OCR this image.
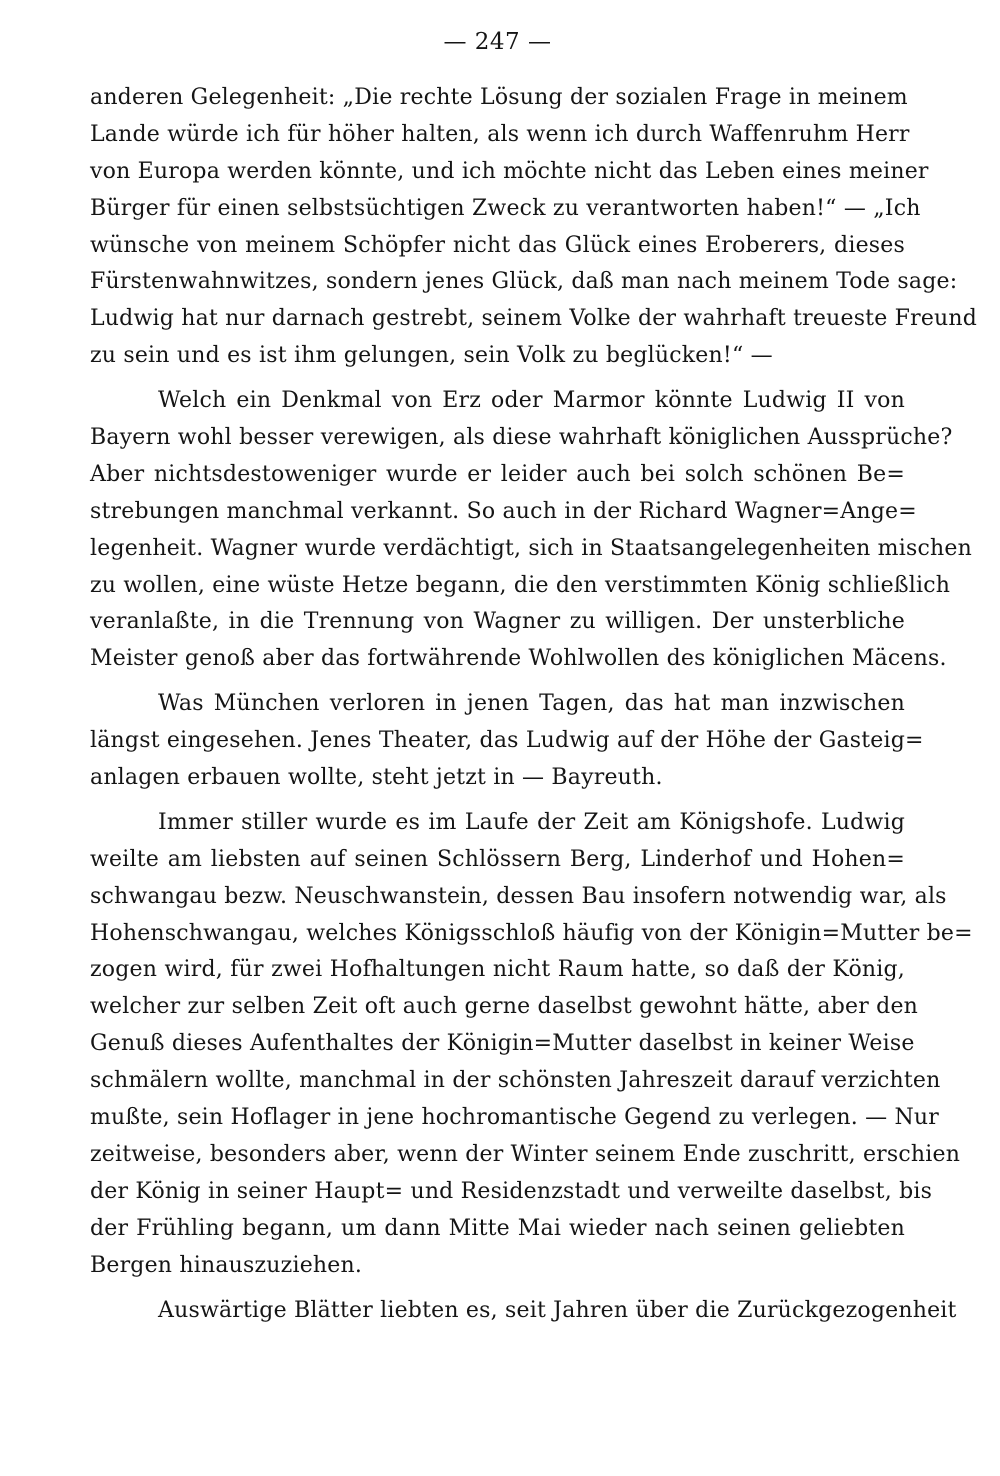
— 247 —
anderen Gelegenheit: „Die rechte Lösung der sozialen Frage in meinem
Lande würde ich für höher halten, als wenn ich durch Waffenruhm Herr
von Europa werden könnte, und ich möchte nicht das Leben eines meiner
Bürger für einen selbstsüchtigen Zweck zu verantworten haben!“ — „Ich
wünsche von meinem Schöpfer nicht das Glück eines Eroberers, dieses
Fürstenwahnwitzes, sondern jenes Glück, daß man nach meinem Tode sage:
Ludwig hat nur darnach gestrebt, seinem Volke der wahrhaft treueste Freund
zu sein und es ist ihm gelungen, sein Volk zu beglücken!“ —
Welch ein Denkmal von Erz oder Marmor könnte Ludwig II von
Bayern wohl besser verewigen, als diese wahrhaft königlichen Aussprüche?
Aber nichtsdestoweniger wurde er leider auch bei solch schönen Be=
strebungen manchmal verkannt. So auch in der Richard Wagner=Ange=
legenheit. Wagner wurde verdächtigt, sich in Staatsangelegenheiten mischen
zu wollen, eine wüste Hetze begann, die den verstimmten König schließlich
veranlaßte, in die Trennung von Wagner zu willigen. Der unsterbliche
Meister genoß aber das fortwährende Wohlwollen des königlichen Mäcens.
Was München verloren in jenen Tagen, das hat man inzwischen
längst eingesehen. Jenes Theater, das Ludwig auf der Höhe der Gasteig=
anlagen erbauen wollte, steht jetzt in — Bayreuth.
Immer stiller wurde es im Laufe der Zeit am Königshofe. Ludwig
weilte am liebsten auf seinen Schlössern Berg, Linderhof und Hohen=
schwangau bezw. Neuschwanstein, dessen Bau insofern notwendig war, als
Hohenschwangau, welches Königsschloß häufig von der Königin=Mutter be=
zogen wird, für zwei Hofhaltungen nicht Raum hatte, so daß der König,
welcher zur selben Zeit oft auch gerne daselbst gewohnt hätte, aber den
Genuß dieses Aufenthaltes der Königin=Mutter daselbst in keiner Weise
schmälern wollte, manchmal in der schönsten Jahreszeit darauf verzichten
mußte, sein Hoflager in jene hochromantische Gegend zu verlegen. — Nur
zeitweise, besonders aber, wenn der Winter seinem Ende zuschritt, erschien
der König in seiner Haupt= und Residenzstadt und verweilte daselbst, bis
der Frühling begann, um dann Mitte Mai wieder nach seinen geliebten
Bergen hinauszuziehen.
Auswärtige Blätter liebten es, seit Jahren über die Zurückgezogenheit
